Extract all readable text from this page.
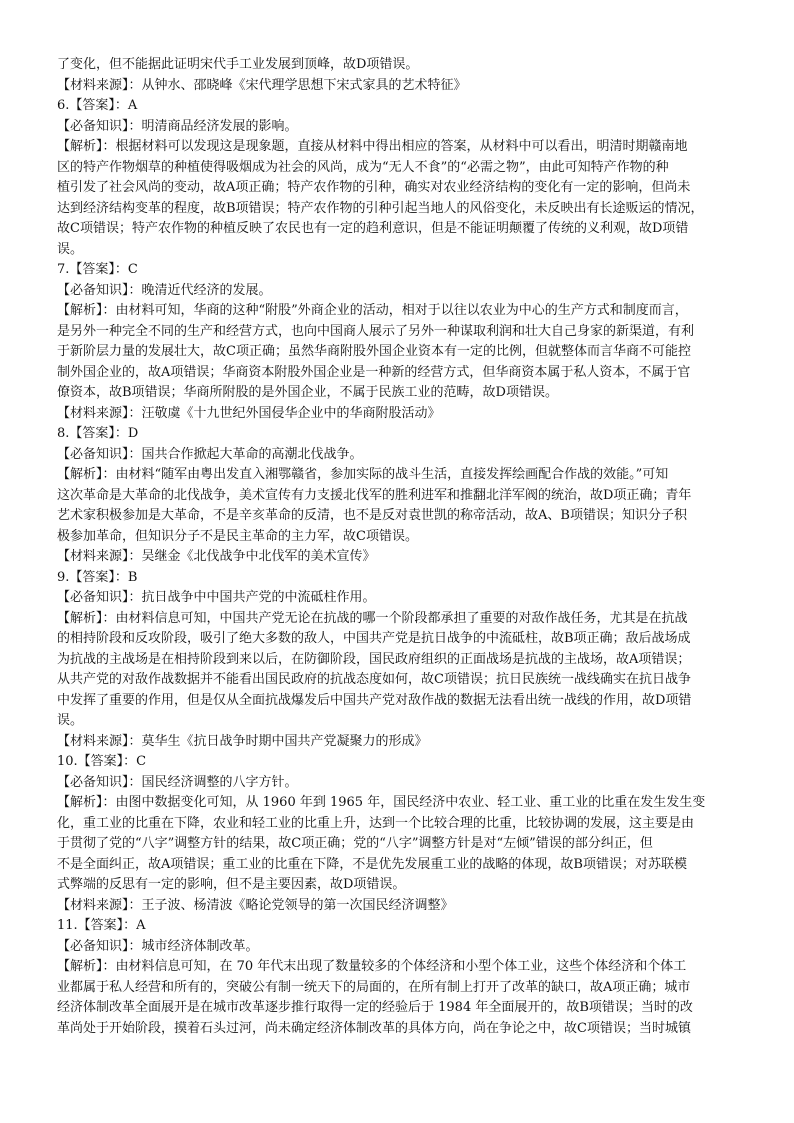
了变化，但不能据此证明宋代手工业发展到顶峰，故D项错误。
【材料来源】：从钟水、邵晓峰《宋代理学思想下宋式家具的艺术特征》
6.【答案】：A
【必备知识】：明清商品经济发展的影响。
【解析】：根据材料可以发现这是现象题，直接从材料中得出相应的答案，从材料中可以看出，明清时期赣南地
区的特产作物烟草的种植使得吸烟成为社会的风尚，成为“无人不食”的“必需之物”，由此可知特产作物的种
植引发了社会风尚的变动，故A项正确；特产农作物的引种，确实对农业经济结构的变化有一定的影响，但尚未
达到经济结构变革的程度，故B项错误；特产农作物的引种引起当地人的风俗变化，未反映出有长途贩运的情况，
故C项错误；特产农作物的种植反映了农民也有一定的趋利意识，但是不能证明颠覆了传统的义利观，故D项错
误。
7.【答案】：C
【必备知识】：晚清近代经济的发展。
【解析】：由材料可知，华商的这种“附股”外商企业的活动，相对于以往以农业为中心的生产方式和制度而言，
是另外一种完全不同的生产和经营方式，也向中国商人展示了另外一种谋取利润和壮大自己身家的新渠道，有利
于新阶层力量的发展壮大，故C项正确；虽然华商附股外国企业资本有一定的比例，但就整体而言华商不可能控
制外国企业的，故A项错误；华商资本附股外国企业是一种新的经营方式，但华商资本属于私人资本，不属于官
僚资本，故B项错误；华商所附股的是外国企业，不属于民族工业的范畴，故D项错误。
【材料来源】：汪敬虞《十九世纪外国侵华企业中的华商附股活动》
8.【答案】：D
【必备知识】：国共合作掀起大革命的高潮北伐战争。
【解析】：由材料“随军由粤出发直入湘鄂赣省，参加实际的战斗生活，直接发挥绘画配合作战的效能。”可知
这次革命是大革命的北伐战争，美术宣传有力支援北伐军的胜利进军和推翻北洋军阀的统治，故D项正确；青年
艺术家积极参加是大革命，不是辛亥革命的反清，也不是反对袁世凯的称帝活动，故A、B项错误；知识分子积
极参加革命，但知识分子不是民主革命的主力军，故C项错误。
【材料来源】：吴继金《北伐战争中北伐军的美术宣传》
9.【答案】：B
【必备知识】：抗日战争中中国共产党的中流砥柱作用。
【解析】：由材料信息可知，中国共产党无论在抗战的哪一个阶段都承担了重要的对敌作战任务，尤其是在抗战
的相持阶段和反攻阶段，吸引了绝大多数的敌人，中国共产党是抗日战争的中流砥柱，故B项正确；敌后战场成
为抗战的主战场是在相持阶段到来以后，在防御阶段，国民政府组织的正面战场是抗战的主战场，故A项错误；
从共产党的对敌作战数据并不能看出国民政府的抗战态度如何，故C项错误；抗日民族统一战线确实在抗日战争
中发挥了重要的作用，但是仅从全面抗战爆发后中国共产党对敌作战的数据无法看出统一战线的作用，故D项错
误。
【材料来源】：莫华生《抗日战争时期中国共产党凝聚力的形成》
10.【答案】：C
【必备知识】：国民经济调整的八字方针。
【解析】：由图中数据变化可知，从 1960 年到 1965 年，国民经济中农业、轻工业、重工业的比重在发生发生变
化，重工业的比重在下降，农业和轻工业的比重上升，达到一个比较合理的比重，比较协调的发展，这主要是由
于贯彻了党的“八字”调整方针的结果，故C项正确；党的“八字”调整方针是对“左倾”错误的部分纠正，但
不是全面纠正，故A项错误；重工业的比重在下降，不是优先发展重工业的战略的体现，故B项错误；对苏联模
式弊端的反思有一定的影响，但不是主要因素，故D项错误。
【材料来源】：王子波、杨清波《略论党领导的第一次国民经济调整》
11.【答案】：A
【必备知识】：城市经济体制改革。
【解析】：由材料信息可知，在 70 年代末出现了数量较多的个体经济和小型个体工业，这些个体经济和个体工
业都属于私人经营和所有的，突破公有制一统天下的局面的，在所有制上打开了改革的缺口，故A项正确；城市
经济体制改革全面展开是在城市改革逐步推行取得一定的经验后于 1984 年全面展开的，故B项错误；当时的改
革尚处于开始阶段，摸着石头过河，尚未确定经济体制改革的具体方向，尚在争论之中，故C项错误；当时城镇
